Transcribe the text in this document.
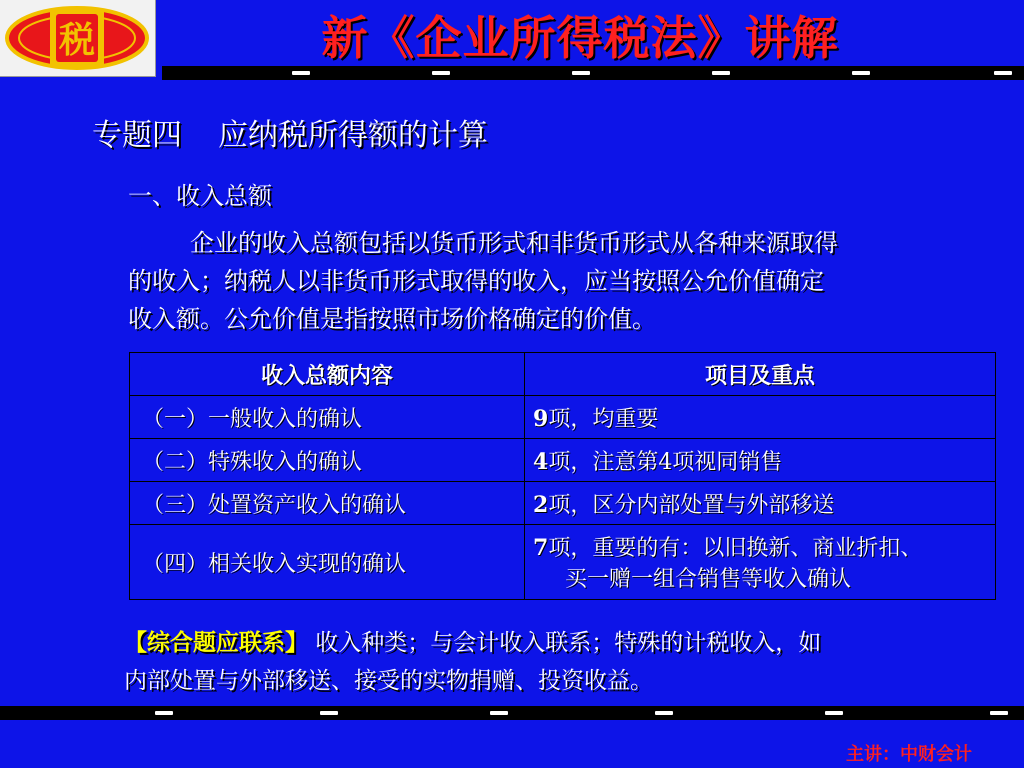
税	新《企业所得税法》讲解
专题四 应纳税所得额的计算
一、收入总额
企业的收入总额包括以货币形式和非货币形式从各种来源取得
的收入；纳税人以非货币形式取得的收入，应当按照公允价值确定
收入额。公允价值是指按照市场价格确定的价值。
收入总额内容	项目及重点
（一）一般收入的确认	9项，均重要
（二）特殊收入的确认	4项，注意第4项视同销售
（三）处置资产收入的确认	2项，区分内部处置与外部移送
（四）相关收入实现的确认	7项，重要的有：以旧换新、商业折扣、
买一赠一组合销售等收入确认
【综合题应联系】 收入种类；与会计收入联系；特殊的计税收入，如
内部处置与外部移送、接受的实物捐赠、投资收益。
主讲：中财会计
